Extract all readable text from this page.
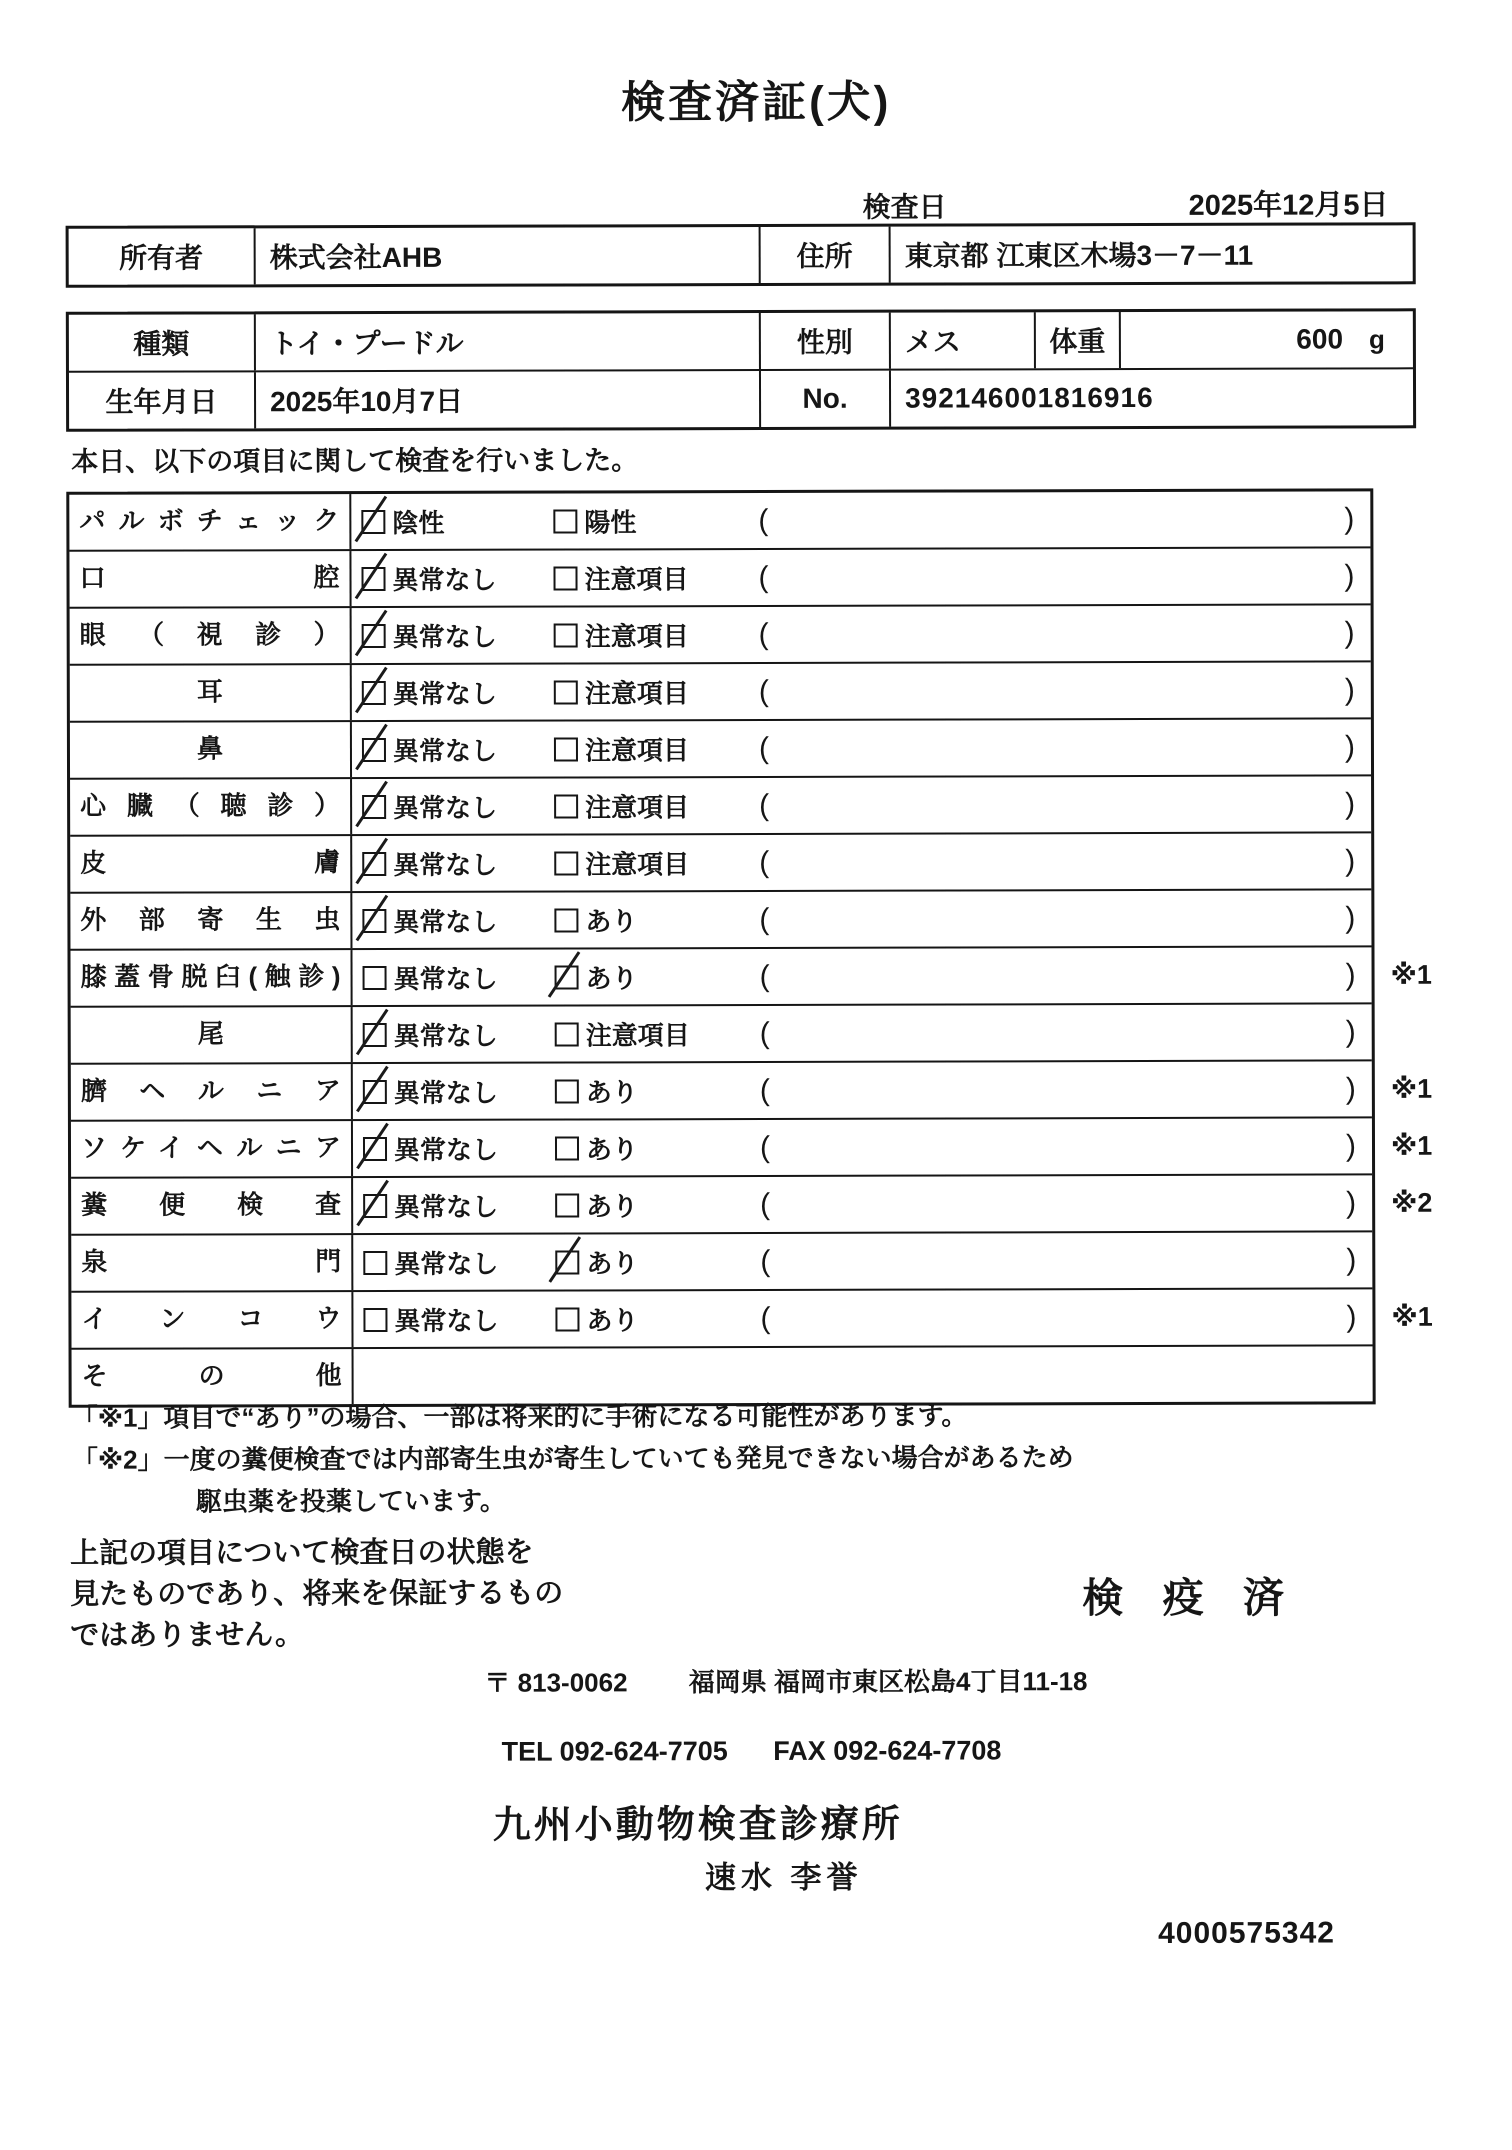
検査済証(犬)
検査日	2025年12月5日
所有者	株式会社AHB	住所	東京都 江東区木場3－7－11
種類	トイ・プードル	性別	メス	体重	600 g
生年月日	2025年10月7日	No.	392146001816916
本日、以下の項目に関して検査を行いました。
パルボチェック	陰性	陽性	(	)
口腔	異常なし	注意項目 (	)
眼（視診）	異常なし	注意項目 (	)
耳	異常なし	注意項目 (	)
鼻	異常なし	注意項目 (	)
心臓（聴診）	異常なし	注意項目 (	)
皮膚	異常なし	注意項目 (	)
外部寄生虫	異常なし	あり	(	)
膝蓋骨脱臼(触診)	異常なし	あり	(	) ※1
尾	異常なし	注意項目 (	)
臍ヘルニア	異常なし	あり	(	) ※1
ソケイヘルニア	異常なし	あり	(	) ※1
糞便検査	異常なし	あり	(	) ※2
泉門	異常なし	あり	(	)
インコウ	異常なし	あり	(	) ※1
その他
「※1」項目で“あり”の場合、一部は将来的に手術になる可能性があります。
「※2」一度の糞便検査では内部寄生虫が寄生していても発見できない場合があるため
駆虫薬を投薬しています。
上記の項目について検査日の状態を
見たものであり、将来を保証するもの
ではありません。
検 疫 済
〒 813-0062 福岡県 福岡市東区松島4丁目11-18
TEL 092-624-7705 FAX 092-624-7708
九州小動物検査診療所
速水 李誉
4000575342
